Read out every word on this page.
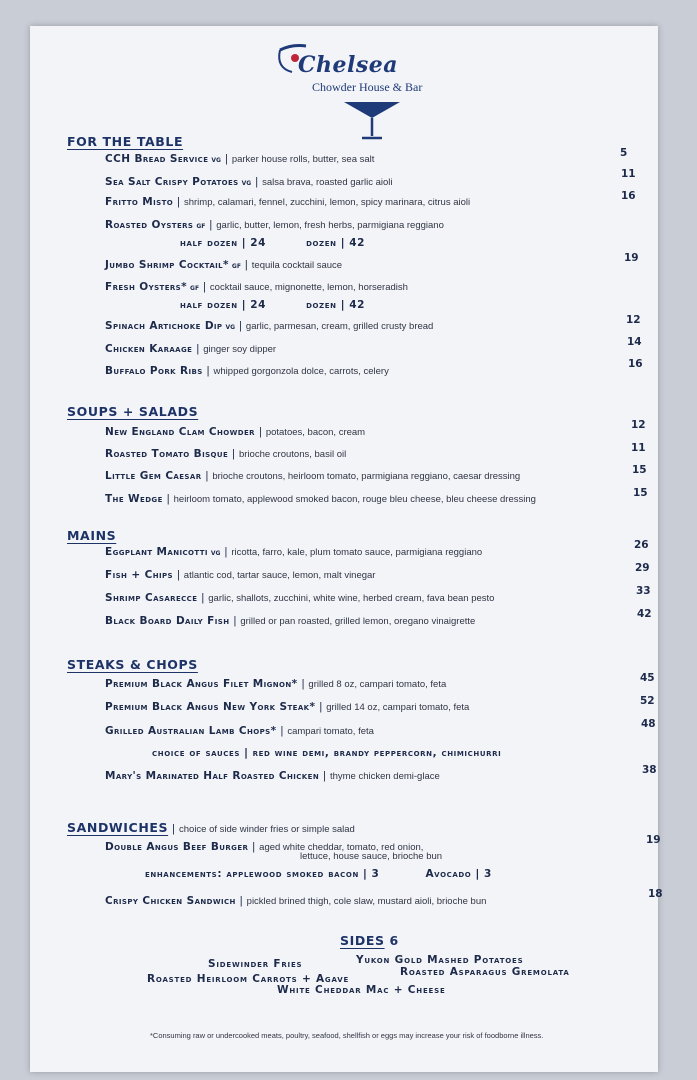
Chelsea
Chowder House & Bar
FOR THE TABLE
CCH Bread Service vg | parker house rolls, butter, sea salt
5
Sea Salt Crispy Potatoes vg | salsa brava, roasted garlic aioli
11
Fritto Misto | shrimp, calamari, fennel, zucchini, lemon, spicy marinara, citrus aioli
16
Roasted Oysters gf | garlic, butter, lemon, fresh herbs, parmigiana reggiano
half dozen | 24	dozen | 42
Jumbo Shrimp Cocktail* gf | tequila cocktail sauce
19
Fresh Oysters* gf | cocktail sauce, mignonette, lemon, horseradish
half dozen | 24	dozen | 42
Spinach Artichoke Dip vg | garlic, parmesan, cream, grilled crusty bread
12
Chicken Karaage | ginger soy dipper
14
Buffalo Pork Ribs | whipped gorgonzola dolce, carrots, celery
16
SOUPS + SALADS
New England Clam Chowder | potatoes, bacon, cream
12
Roasted Tomato Bisque | brioche croutons, basil oil
11
Little Gem Caesar | brioche croutons, heirloom tomato, parmigiana reggiano, caesar dressing
15
The Wedge | heirloom tomato, applewood smoked bacon, rouge bleu cheese, bleu cheese dressing
15
MAINS
Eggplant Manicotti vg | ricotta, farro, kale, plum tomato sauce, parmigiana reggiano
26
Fish + Chips | atlantic cod, tartar sauce, lemon, malt vinegar
29
Shrimp Casarecce | garlic, shallots, zucchini, white wine, herbed cream, fava bean pesto
33
Black Board Daily Fish | grilled or pan roasted, grilled lemon, oregano vinaigrette
42
STEAKS & CHOPS
Premium Black Angus Filet Mignon* | grilled 8 oz, campari tomato, feta
45
Premium Black Angus New York Steak* | grilled 14 oz, campari tomato, feta
52
Grilled Australian Lamb Chops* | campari tomato, feta
48
choice of sauces | red wine demi, brandy peppercorn, chimichurri
Mary's Marinated Half Roasted Chicken | thyme chicken demi-glace
38
SANDWICHES | choice of side winder fries or simple salad
Double Angus Beef Burger | aged white cheddar, tomato, red onion,
lettuce, house sauce, brioche bun
19
enhancements: applewood smoked bacon | 3	Avocado | 3
Crispy Chicken Sandwich | pickled brined thigh, cole slaw, mustard aioli, brioche bun
18
SIDES 6
Sidewinder Fries	Yukon Gold Mashed Potatoes
Roasted Heirloom Carrots + Agave
Roasted Asparagus Gremolata
White Cheddar Mac + Cheese
*Consuming raw or undercooked meats, poultry, seafood, shellfish or eggs may increase your risk of foodborne illness.
